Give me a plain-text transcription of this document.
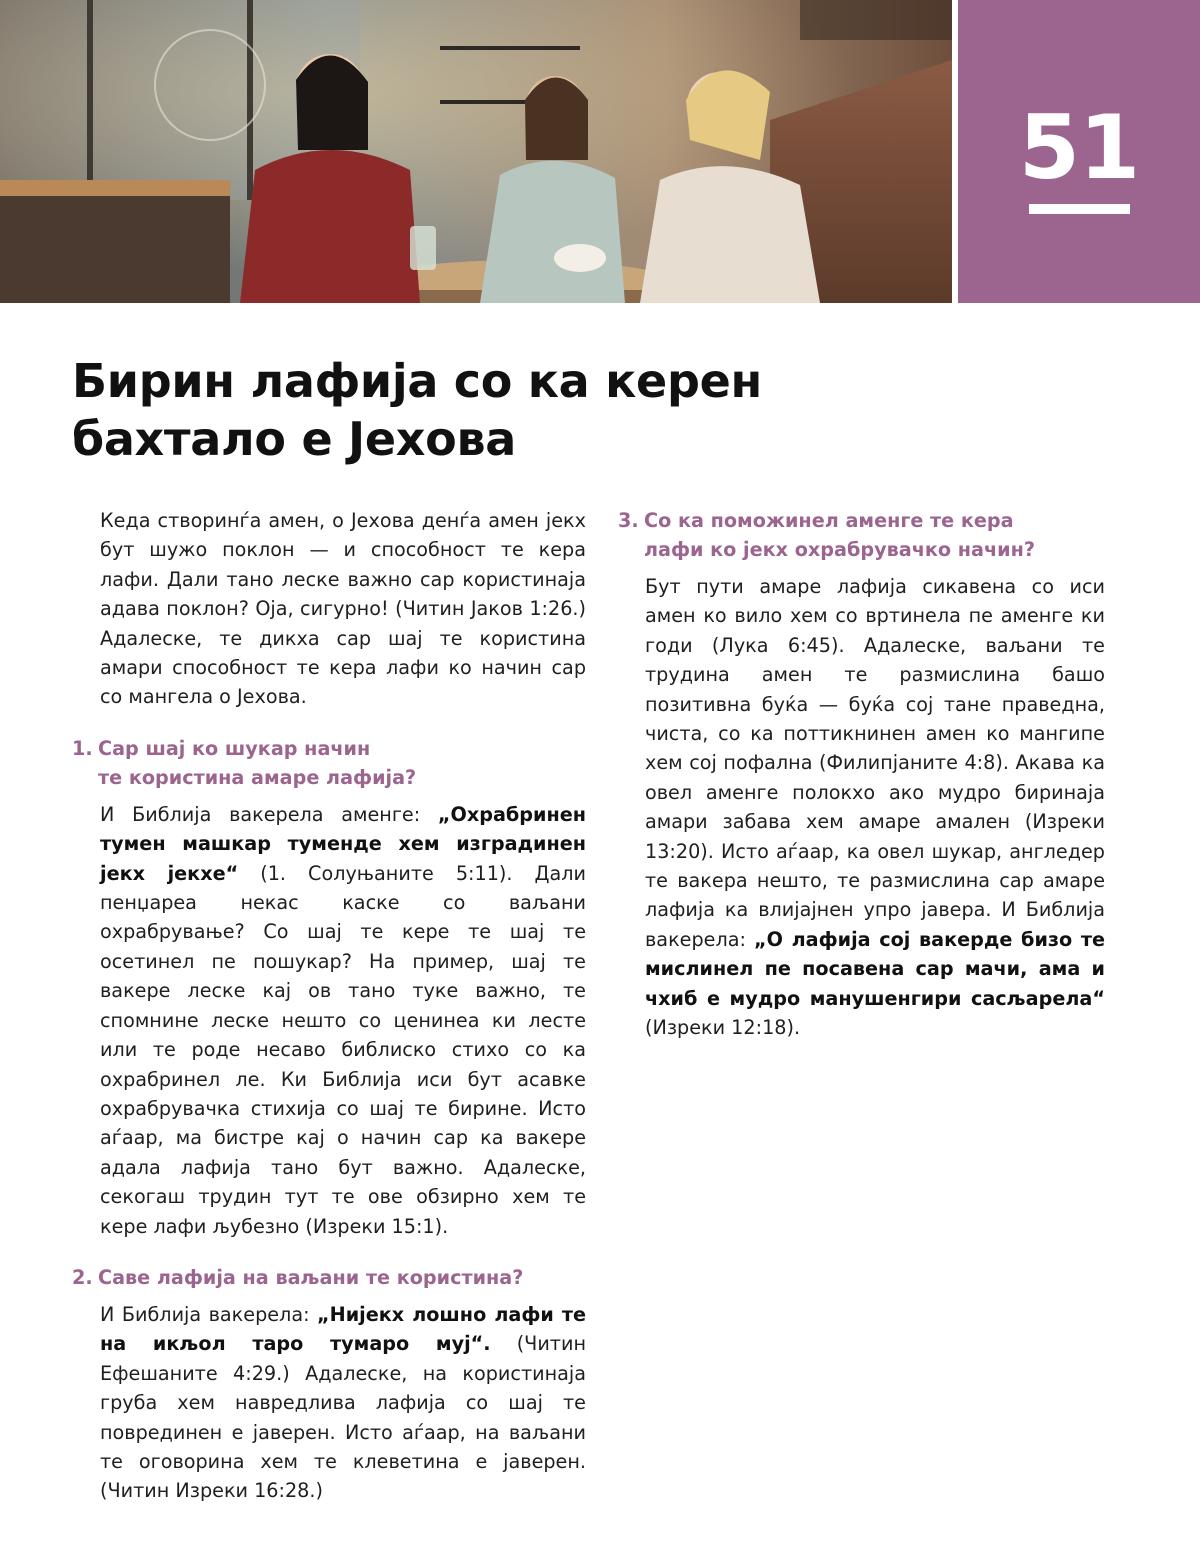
51
Бирин лафија со ка керен
бахтало е Јехова

Кеда створинѓа амен, о Јехова денѓа амен јекх бут шужо поклон — и способност те кера лафи. Дали тано леске важно сар користинаја адава поклон? Оја, сигурно! (Читин Јаков 1:26.) Адалеске, те дикха сар шај те користина амари способност те кера лафи ко начин сар со мангела о Јехова.

1. Сар шај ко шукар начин
те користина амаре лафија?

И Библија вакерела аменге: „Охрабринен тумен машкар туменде хем изградинен јекх јекхе“ (1. Солуњаните 5:11). Дали пенџареа некас каске со ваљани охрабрување? Со шај те кере те шај те осетинел пе пошукар? На пример, шај те вакере леске кај ов тано туке важно, те спомнине леске нешто со ценинеа ки лесте или те роде несаво библиско стихо со ка охрабринел ле. Ки Библија иси бут асавке охрабрувачка стихија со шај те бирине. Исто аѓаар, ма бистре кај о начин сар ка вакере адала лафија тано бут важно. Адалеске, секогаш трудин тут те ове обзирно хем те кере лафи љубезно (Изреки 15:1).

2. Саве лафија на ваљани те користина?

И Библија вакерела: „Нијекх лошно лафи те на икљол таро тумаро муј“. (Читин Ефешаните 4:29.) Адалеске, на користинаја груба хем навредлива лафија со шај те поврединен е јаверен. Исто аѓаар, на ваљани те оговорина хем те клеветина е јаверен. (Читин Изреки 16:28.)

3. Со ка поможинел аменге те кера
лафи ко јекх охрабрувачко начин?

Бут пути амаре лафија сикавена со иси амен ко вило хем со вртинела пе аменге ки годи (Лука 6:45). Адалеске, ваљани те трудина амен те размислина башо позитивна буќа — буќа сој тане праведна, чиста, со ка поттикнинен амен ко мангипе хем сој пофална (Филипјаните 4:8). Акава ка овел аменге полокхо ако мудро биринаја амари забава хем амаре амален (Изреки 13:20). Исто аѓаар, ка овел шукар, англедер те вакера нешто, те размислина сар амаре лафија ка влијајнен упро јавера. И Библија вакерела: „О лафија сој вакерде бизо те мислинел пе посавена сар мачи, ама и чхиб е мудро манушенгири сасљарела“ (Изреки 12:18).
